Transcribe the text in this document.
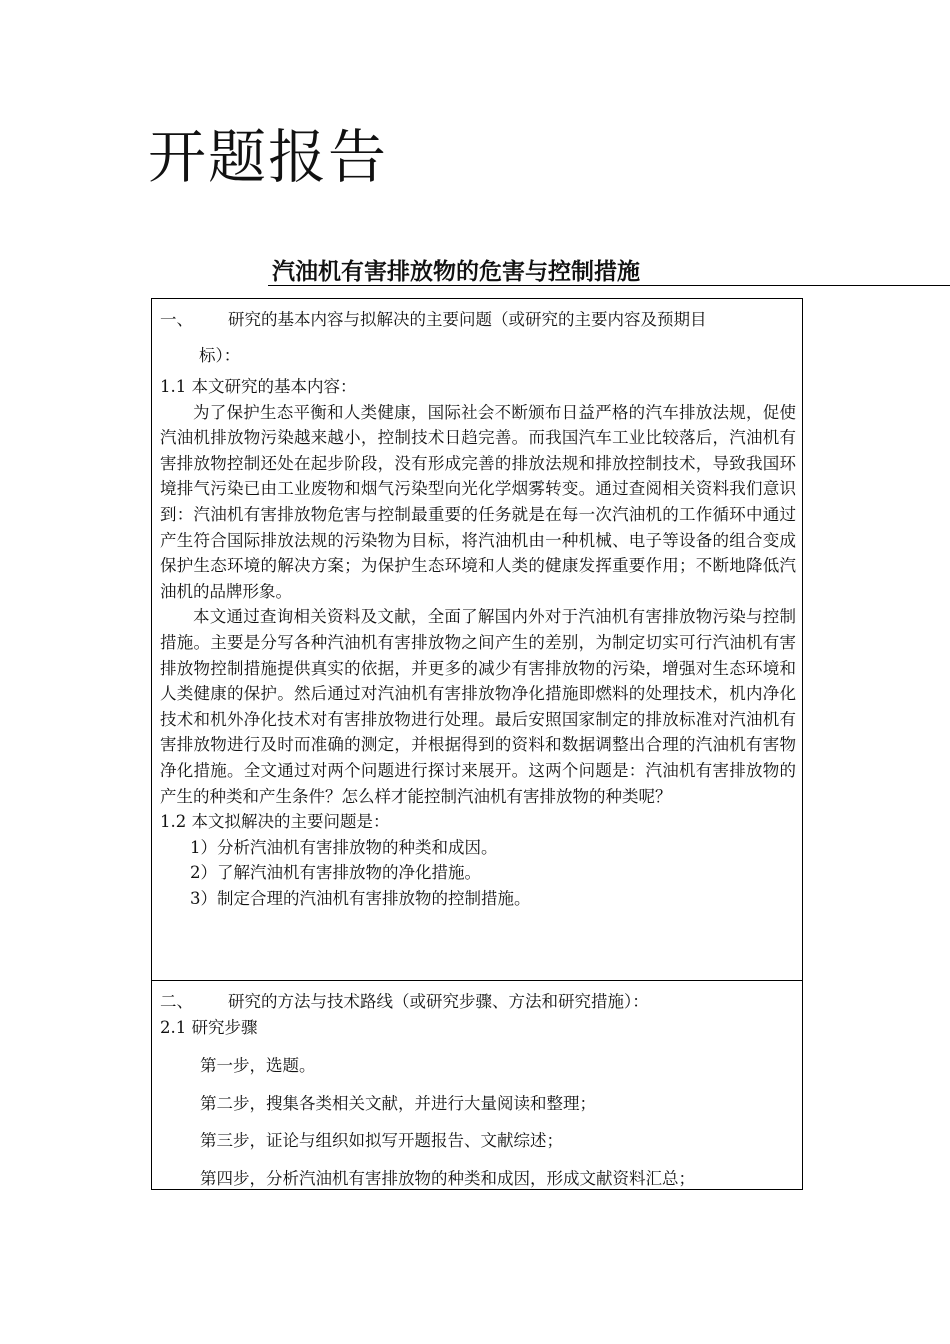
开题报告
汽油机有害排放物的危害与控制措施
一、 研究的基本内容与拟解决的主要问题（或研究的主要内容及预期目
标）：

1.1 本文研究的基本内容：

为了保护生态平衡和人类健康，国际社会不断颁布日益严格的汽车排放法规，促使汽油机排放物污染越来越小，控制技术日趋完善。而我国汽车工业比较落后，汽油机有害排放物控制还处在起步阶段，没有形成完善的排放法规和排放控制技术，导致我国环境排气污染已由工业废物和烟气污染型向光化学烟雾转变。通过查阅相关资料我们意识到：汽油机有害排放物危害与控制最重要的任务就是在每一次汽油机的工作循环中通过产生符合国际排放法规的污染物为目标，将汽油机由一种机械、电子等设备的组合变成保护生态环境的解决方案；为保护生态环境和人类的健康发挥重要作用；不断地降低汽油机的品牌形象。

本文通过查询相关资料及文献，全面了解国内外对于汽油机有害排放物污染与控制措施。主要是分写各种汽油机有害排放物之间产生的差别，为制定切实可行汽油机有害排放物控制措施提供真实的依据，并更多的减少有害排放物的污染，增强对生态环境和人类健康的保护。然后通过对汽油机有害排放物净化措施即燃料的处理技术，机内净化技术和机外净化技术对有害排放物进行处理。最后安照国家制定的排放标准对汽油机有害排放物进行及时而准确的测定，并根据得到的资料和数据调整出合理的汽油机有害物净化措施。全文通过对两个问题进行探讨来展开。这两个问题是：汽油机有害排放物的产生的种类和产生条件？怎么样才能控制汽油机有害排放物的种类呢？

1.2 本文拟解决的主要问题是：

1）分析汽油机有害排放物的种类和成因。

2）了解汽油机有害排放物的净化措施。

3）制定合理的汽油机有害排放物的控制措施。

二、 研究的方法与技术路线（或研究步骤、方法和研究措施）：
2.1 研究步骤

第一步，选题。

第二步，搜集各类相关文献，并进行大量阅读和整理；

第三步，证论与组织如拟写开题报告、文献综述；

第四步，分析汽油机有害排放物的种类和成因，形成文献资料汇总；
